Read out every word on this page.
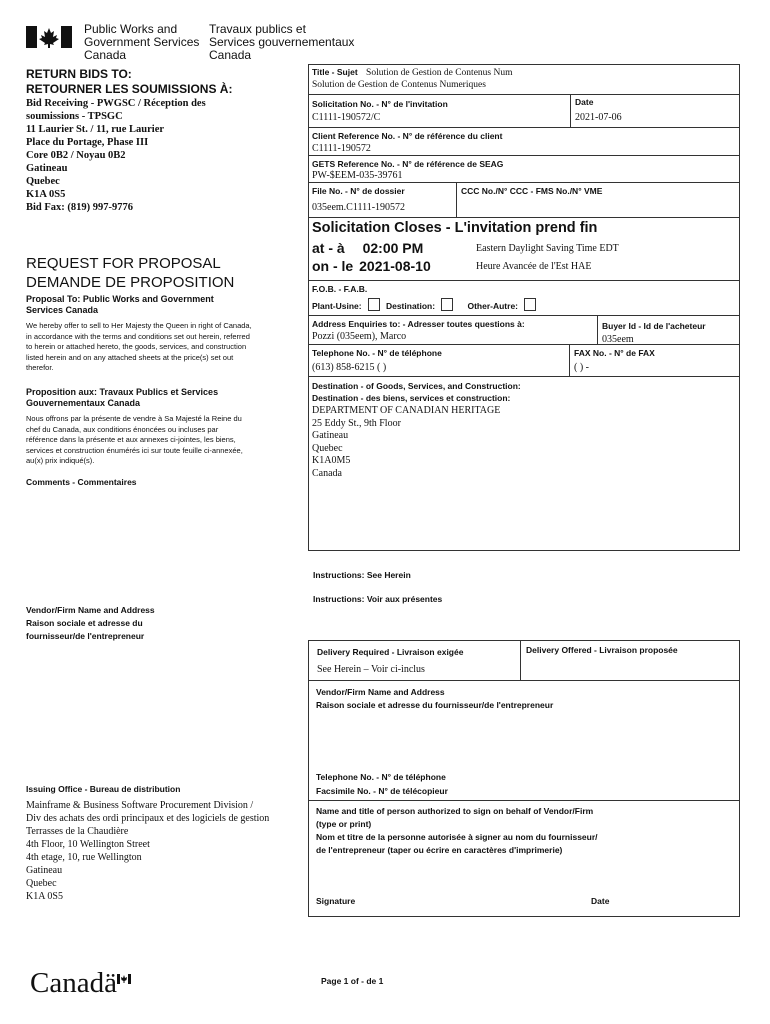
Public Works and
Government Services
Canada
Travaux publics et
Services gouvernementaux
Canada
RETURN BIDS TO:
RETOURNER LES SOUMISSIONS À:
Bid Receiving - PWGSC / Réception des
soumissions - TPSGC
11 Laurier St. / 11, rue Laurier
Place du Portage, Phase III
Core 0B2 / Noyau 0B2
Gatineau
Quebec
K1A 0S5
Bid Fax: (819) 997-9776
REQUEST FOR PROPOSAL
DEMANDE DE PROPOSITION
Proposal To: Public Works and Government
Services Canada
We hereby offer to sell to Her Majesty the Queen in right of Canada, in accordance with the terms and conditions set out herein, referred to herein or attached hereto, the goods, services, and construction listed herein and on any attached sheets at the price(s) set out therefor.
Proposition aux: Travaux Publics et Services
Gouvernementaux Canada
Nous offrons par la présente de vendre à Sa Majesté la Reine du chef du Canada, aux conditions énoncées ou incluses par référence dans la présente et aux annexes ci-jointes, les biens, services et construction énumérés ici sur toute feuille ci-annexée, au(x) prix indiqué(s).
Comments - Commentaires
Vendor/Firm Name and Address
Raison sociale et adresse du
fournisseur/de l'entrepreneur
Issuing Office - Bureau de distribution
Mainframe & Business Software Procurement Division /
Div des achats des ordi principaux et des logiciels de gestion
Terrasses de la Chaudière
4th Floor, 10 Wellington Street
4th etage, 10, rue Wellington
Gatineau
Quebec
K1A 0S5
Title - Sujet Solution de Gestion de Contenus Num
Solution de Gestion de Contenus Numeriques
Solicitation No. - N° de l'invitation
C1111-190572/C
Date
2021-07-06
Client Reference No. - N° de référence du client
C1111-190572
GETS Reference No. - N° de référence de SEAG
PW-$EEM-035-39761
File No. - N° de dossier
035eem.C1111-190572
CCC No./N° CCC - FMS No./N° VME
Solicitation Closes - L'invitation prend fin
at - à 02:00 PM
on - le 2021-08-10
Eastern Daylight Saving Time EDT
Heure Avancée de l'Est HAE
F.O.B. - F.A.B.
Plant-Usine:	Destination:	Other-Autre:
Address Enquiries to: - Adresser toutes questions à:
Pozzi (035eem), Marco
Buyer Id - Id de l'acheteur
035eem
Telephone No. - N° de téléphone
(613) 858-6215 ( )
FAX No. - N° de FAX
( ) -
Destination - of Goods, Services, and Construction:
Destination - des biens, services et construction:
DEPARTMENT OF CANADIAN HERITAGE
25 Eddy St., 9th Floor
Gatineau
Quebec
K1A0M5
Canada
Instructions: See Herein
Instructions: Voir aux présentes
Delivery Required - Livraison exigée
See Herein – Voir ci-inclus
Delivery Offered - Livraison proposée
Vendor/Firm Name and Address
Raison sociale et adresse du fournisseur/de l'entrepreneur
Telephone No. - N° de téléphone
Facsimile No. - N° de télécopieur
Name and title of person authorized to sign on behalf of Vendor/Firm
(type or print)
Nom et titre de la personne autorisée à signer au nom du fournisseur/
de l'entrepreneur (taper ou écrire en caractères d'imprimerie)
Signature	Date
Canadä	Page 1 of - de 1
